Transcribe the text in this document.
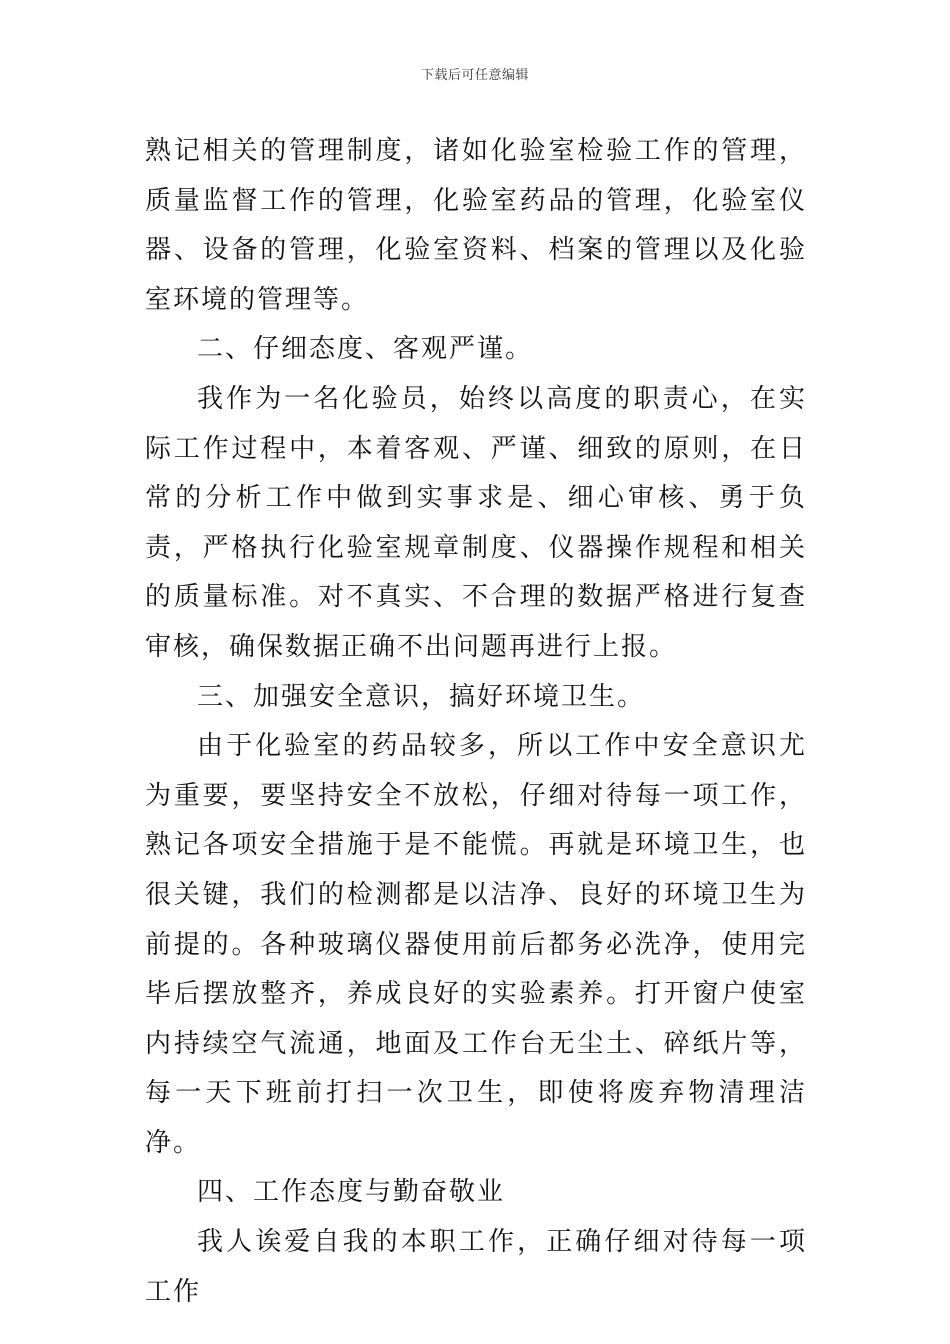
下载后可任意编辑

熟记相关的管理制度，诸如化验室检验工作的管理，质量监督工作的管理，化验室药品的管理，化验室仪器、设备的管理，化验室资料、档案的管理以及化验室环境的管理等。

二、仔细态度、客观严谨。

我作为一名化验员，始终以高度的职责心，在实际工作过程中，本着客观、严谨、细致的原则，在日常的分析工作中做到实事求是、细心审核、勇于负责，严格执行化验室规章制度、仪器操作规程和相关的质量标准。对不真实、不合理的数据严格进行复查审核，确保数据正确不出问题再进行上报。

三、加强安全意识，搞好环境卫生。

由于化验室的药品较多，所以工作中安全意识尤为重要，要坚持安全不放松，仔细对待每一项工作，熟记各项安全措施于是不能慌。再就是环境卫生，也很关键，我们的检测都是以洁净、良好的环境卫生为前提的。各种玻璃仪器使用前后都务必洗净，使用完毕后摆放整齐，养成良好的实验素养。打开窗户使室内持续空气流通，地面及工作台无尘土、碎纸片等，每一天下班前打扫一次卫生，即使将废弃物清理洁净。

四、工作态度与勤奋敬业

我人诶爱自我的本职工作，正确仔细对待每一项工作
